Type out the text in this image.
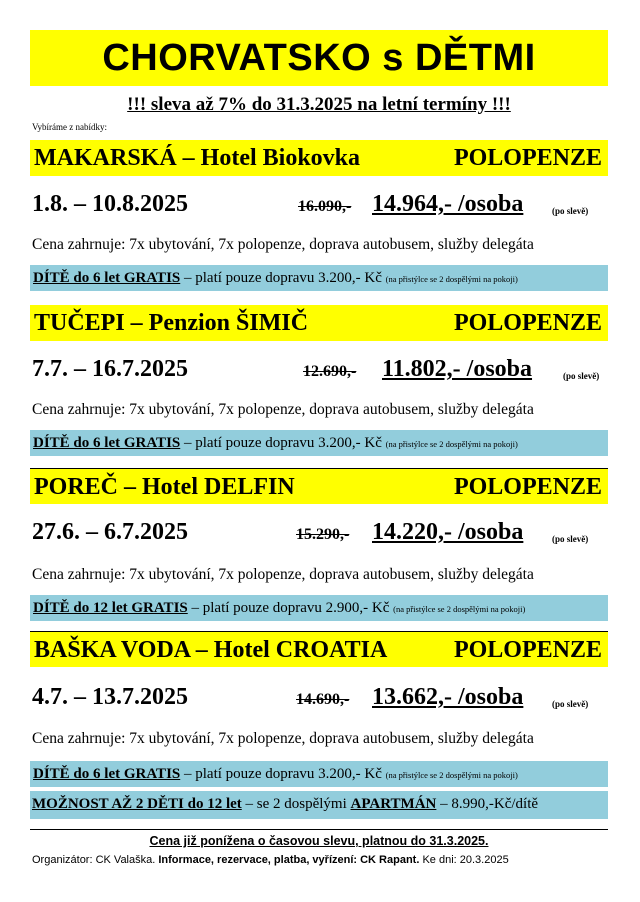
CHORVATSKO s DĚTMI
!!! sleva až 7% do 31.3.2025 na letní termíny !!!
Vybíráme z nabídky:
MAKARSKÁ – Hotel Biokovka	POLOPENZE
1.8. – 10.8.2025	16.090,- 14.964,- /osoba	(po slevě)
Cena zahrnuje: 7x ubytování, 7x polopenze, doprava autobusem, služby delegáta
DÍTĚ do 6 let GRATIS – platí pouze dopravu 3.200,- Kč (na přistýlce se 2 dospělými na pokoji)
TUČEPI – Penzion ŠIMIČ	POLOPENZE
7.7. – 16.7.2025	12.690,- 11.802,- /osoba	(po slevě)
Cena zahrnuje: 7x ubytování, 7x polopenze, doprava autobusem, služby delegáta
DÍTĚ do 6 let GRATIS – platí pouze dopravu 3.200,- Kč (na přistýlce se 2 dospělými na pokoji)
POREČ – Hotel DELFIN	POLOPENZE
27.6. – 6.7.2025	15.290,- 14.220,- /osoba	(po slevě)
Cena zahrnuje: 7x ubytování, 7x polopenze, doprava autobusem, služby delegáta
DÍTĚ do 12 let GRATIS – platí pouze dopravu 2.900,- Kč (na přistýlce se 2 dospělými na pokoji)
BAŠKA VODA – Hotel CROATIA	POLOPENZE
4.7. – 13.7.2025	14.690,- 13.662,- /osoba	(po slevě)
Cena zahrnuje: 7x ubytování, 7x polopenze, doprava autobusem, služby delegáta
DÍTĚ do 6 let GRATIS – platí pouze dopravu 3.200,- Kč (na přistýlce se 2 dospělými na pokoji)
MOŽNOST AŽ 2 DĚTI do 12 let – se 2 dospělými APARTMÁN – 8.990,-Kč/dítě
Cena již ponížena o časovou slevu, platnou do 31.3.2025.
Organizátor: CK Valaška. Informace, rezervace, platba, vyřízení: CK Rapant. Ke dni: 20.3.2025
